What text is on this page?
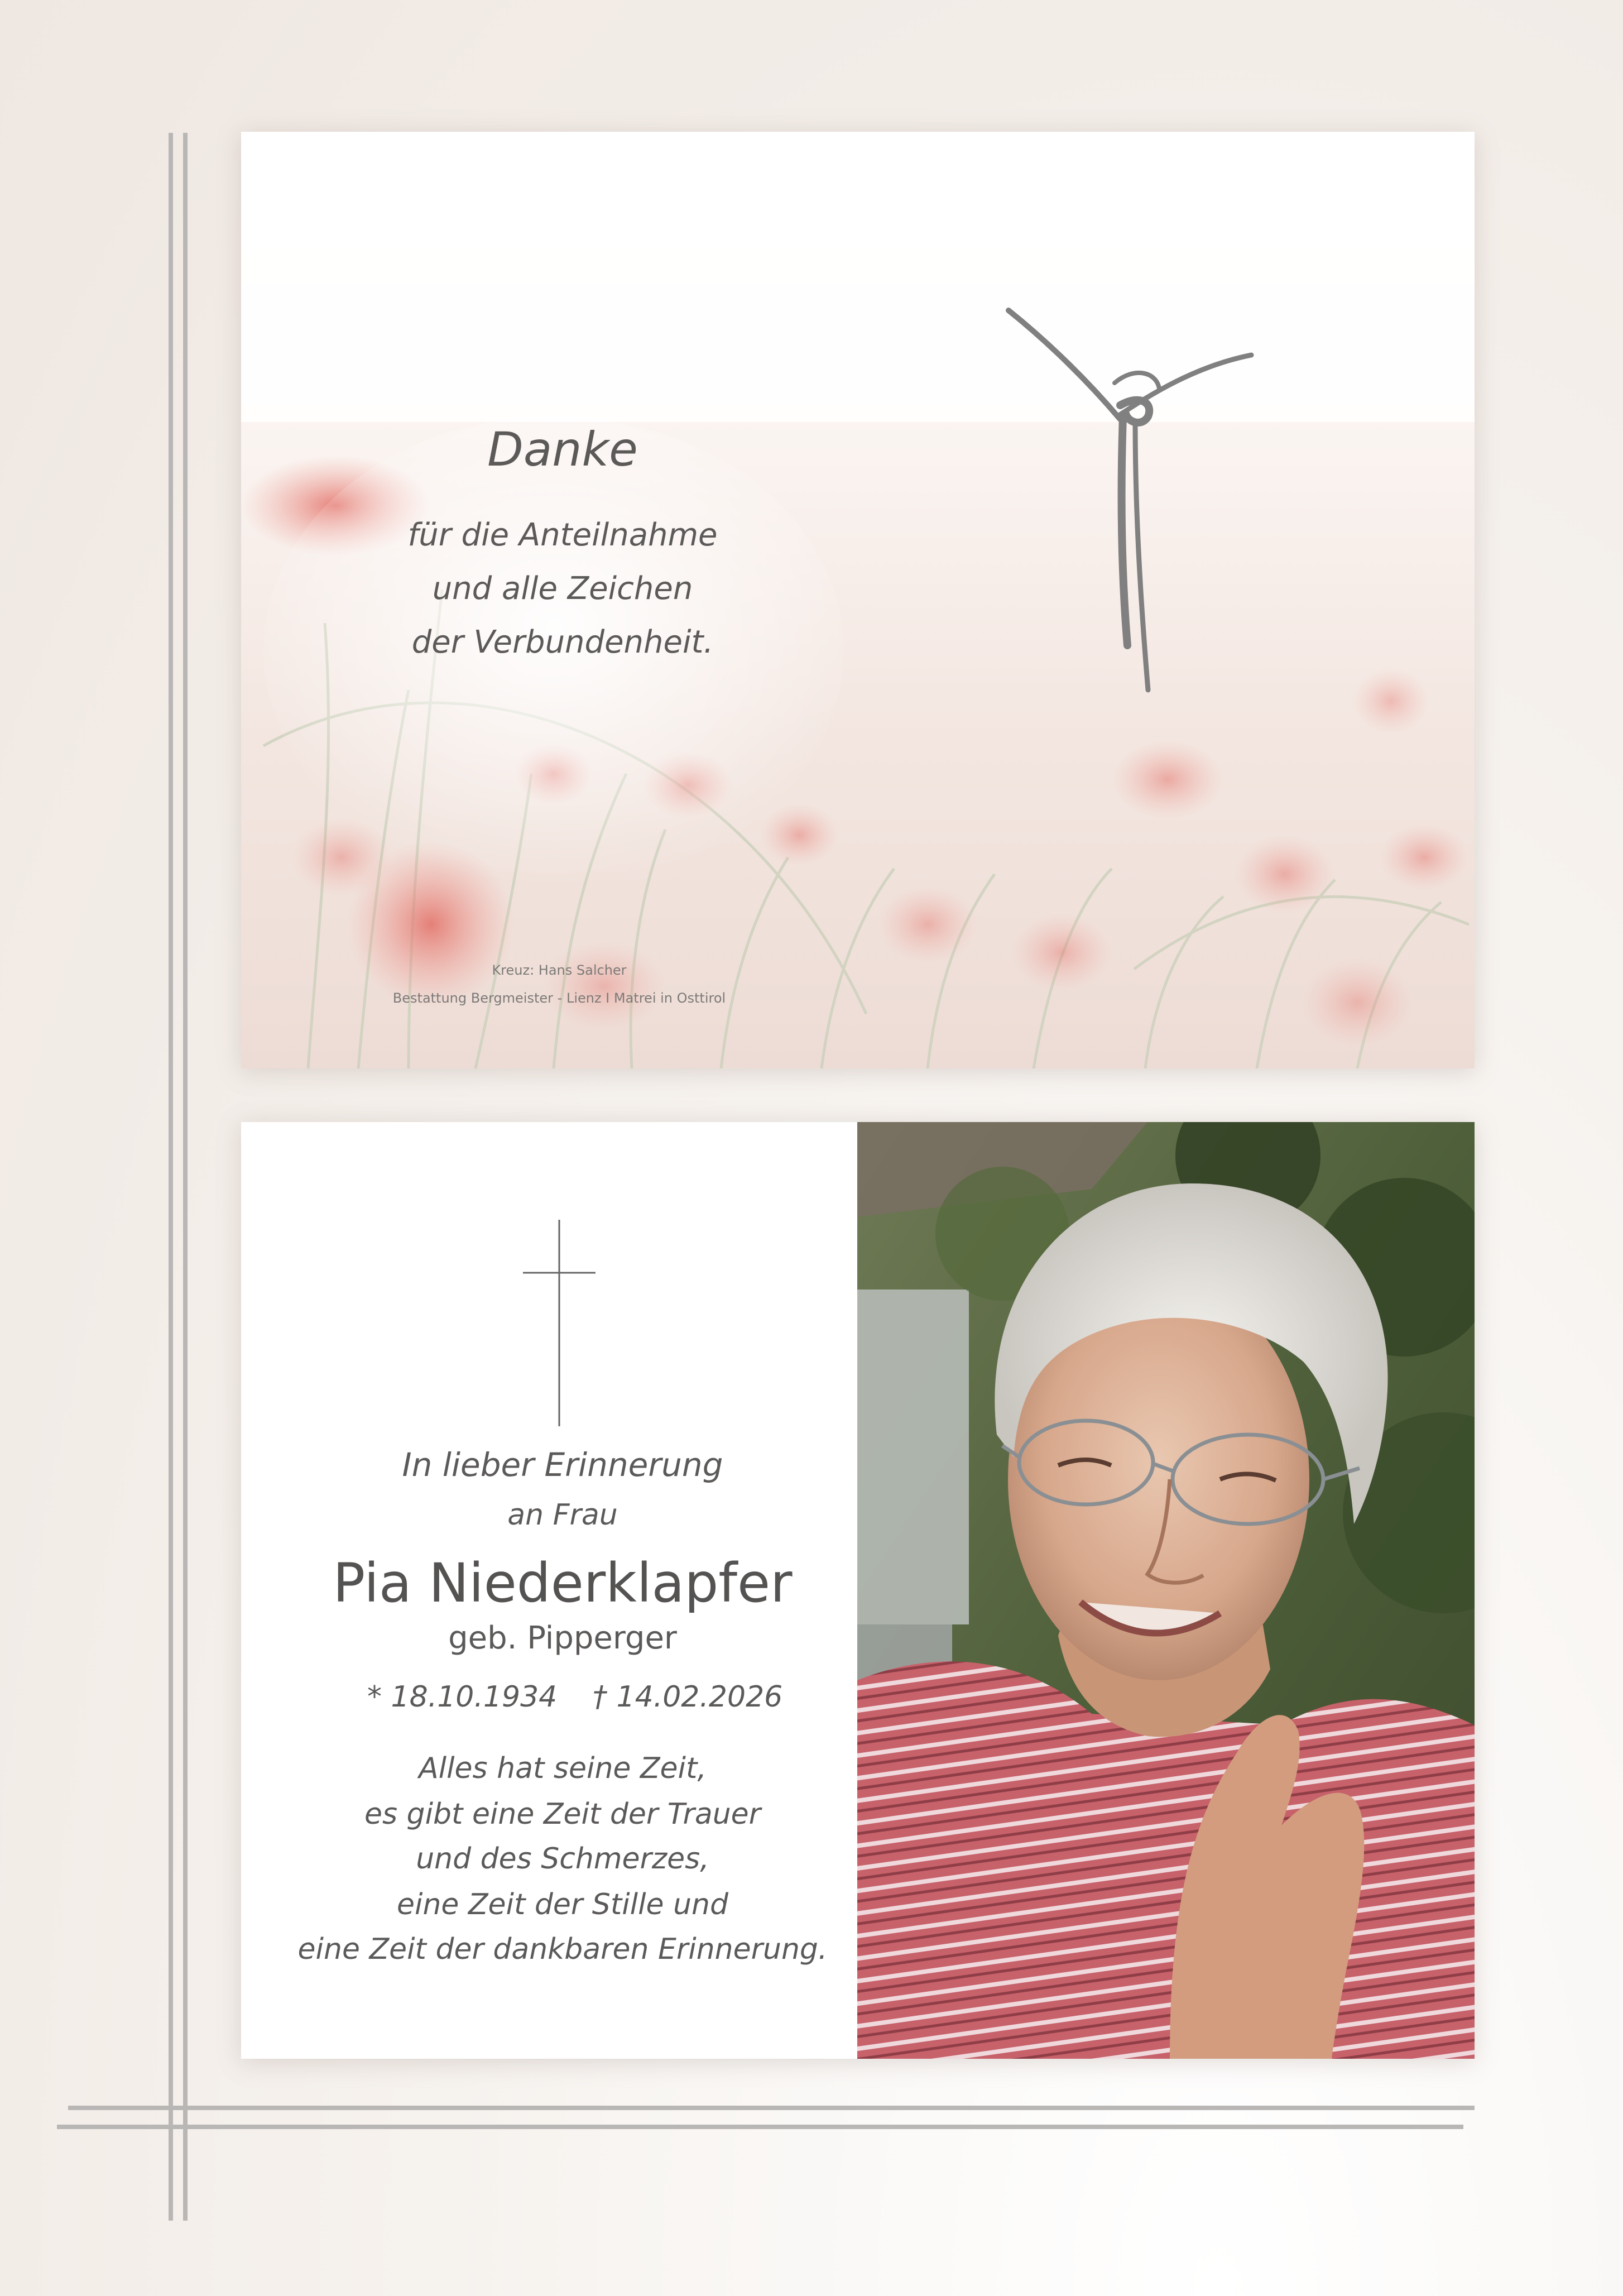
Danke
für die Anteilnahme
und alle Zeichen
der Verbundenheit.
Kreuz: Hans Salcher
Bestattung Bergmeister - Lienz I Matrei in Osttirol
In lieber Erinnerung
an Frau
Pia Niederklapfer
geb. Pipperger
* 18.10.1934 † 14.02.2026
Alles hat seine Zeit,
es gibt eine Zeit der Trauer
und des Schmerzes,
eine Zeit der Stille und
eine Zeit der dankbaren Erinnerung.
